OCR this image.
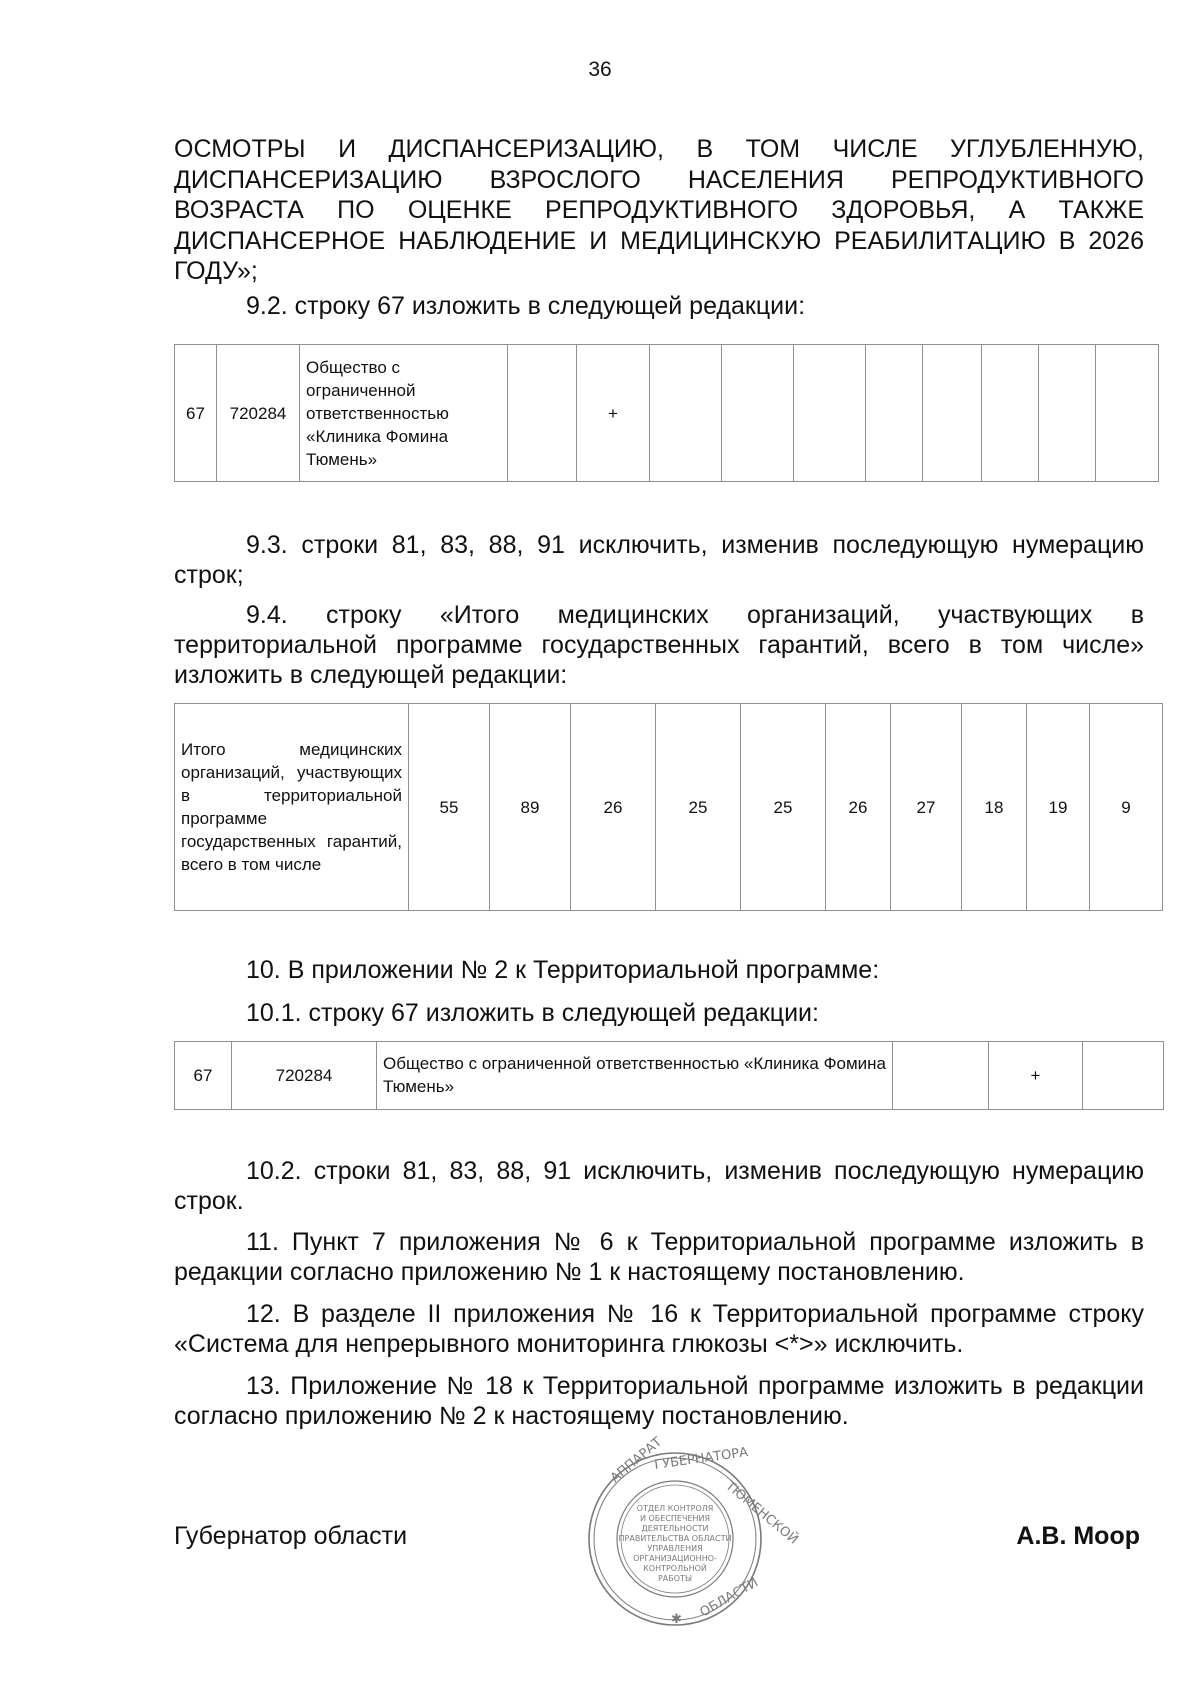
36
ОСМОТРЫ И ДИСПАНСЕРИЗАЦИЮ, В ТОМ ЧИСЛЕ УГЛУБЛЕННУЮ, ДИСПАНСЕРИЗАЦИЮ ВЗРОСЛОГО НАСЕЛЕНИЯ РЕПРОДУКТИВНОГО ВОЗРАСТА ПО ОЦЕНКЕ РЕПРОДУКТИВНОГО ЗДОРОВЬЯ, А ТАКЖЕ ДИСПАНСЕРНОЕ НАБЛЮДЕНИЕ И МЕДИЦИНСКУЮ РЕАБИЛИТАЦИЮ В 2026 ГОДУ»;

9.2. строку 67 изложить в следующей редакции:

67	720284	Общество с ограниченной ответственностью «Клиника Фомина Тюмень»		+								

9.3. строки 81, 83, 88, 91 исключить, изменив последующую нумерацию строк;

9.4. строку «Итого медицинских организаций, участвующих в территориальной программе государственных гарантий, всего в том числе» изложить в следующей редакции:

Итого медицинских организаций, участвующих в территориальной программе государственных гарантий, всего в том числе	55	89	26	25	25	26	27	18	19	9

10. В приложении № 2 к Территориальной программе:

10.1. строку 67 изложить в следующей редакции:

67	720284	Общество с ограниченной ответственностью «Клиника Фомина Тюмень»		+	

10.2. строки 81, 83, 88, 91 исключить, изменив последующую нумерацию строк.

11. Пункт 7 приложения № 6 к Территориальной программе изложить в редакции согласно приложению № 1 к настоящему постановлению.

12. В разделе II приложения № 16 к Территориальной программе строку «Система для непрерывного мониторинга глюкозы <*>» исключить.

13. Приложение № 18 к Территориальной программе изложить в редакции согласно приложению № 2 к настоящему постановлению.

Губернатор области	А.В. Моор
ОТДЕЛ КОНТРОЛЯ
И ОБЕСПЕЧЕНИЯ
ДЕЯТЕЛЬНОСТИ
ПРАВИТЕЛЬСТВА ОБЛАСТИ
УПРАВЛЕНИЯ
ОРГАНИЗАЦИОННО-
КОНТРОЛЬНОЙ
РАБОТЫ
АППАРАТ
ГУБЕРНАТОРА
ТЮМЕНСКОЙ
ОБЛАСТИ
✱
